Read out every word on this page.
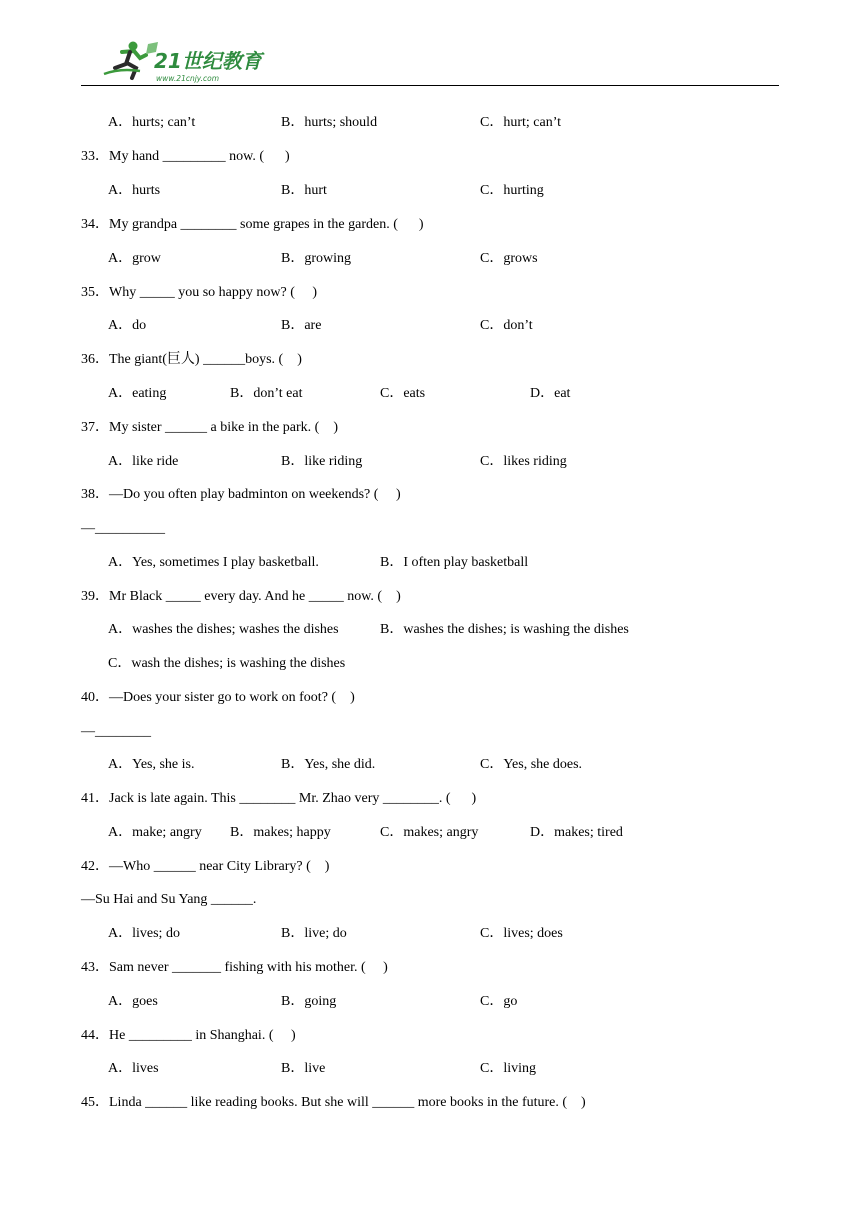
21世纪教育
www.21cnjy.com
A．hurts; can’t	B．hurts; should	C．hurt; can’t
33．My hand _________ now. (      )
A．hurts	B．hurt	C．hurting
34．My grandpa ________ some grapes in the garden. (      )
A．grow	B．growing	C．grows
35．Why _____ you so happy now? (     )
A．do	B．are	C．don’t
36．The giant(巨人) ______boys. (    )
A．eating	B．don’t eat	C．eats	D．eat
37．My sister ______ a bike in the park. (    )
A．like ride	B．like riding	C．likes riding
38．—Do you often play badminton on weekends? (     )
—__________
A．Yes, sometimes I play basketball.	B．I often play basketball
39．Mr Black _____ every day. And he _____ now. (    )
A．washes the dishes; washes the dishes	B．washes the dishes; is washing the dishes
C．wash the dishes; is washing the dishes
40．—Does your sister go to work on foot? (    )
—________
A．Yes, she is.	B．Yes, she did.	C．Yes, she does.
41．Jack is late again. This ________ Mr. Zhao very ________. (      )
A．make; angry B．makes; happy	C．makes; angry	D．makes; tired
42．—Who ______ near City Library? (    )
—Su Hai and Su Yang ______.
A．lives; do	B．live; do	C．lives; does
43．Sam never _______ fishing with his mother. (     )
A．goes	B．going	C．go
44．He _________ in Shanghai. (     )
A．lives	B．live	C．living
45．Linda ______ like reading books. But she will ______ more books in the future. (    )
